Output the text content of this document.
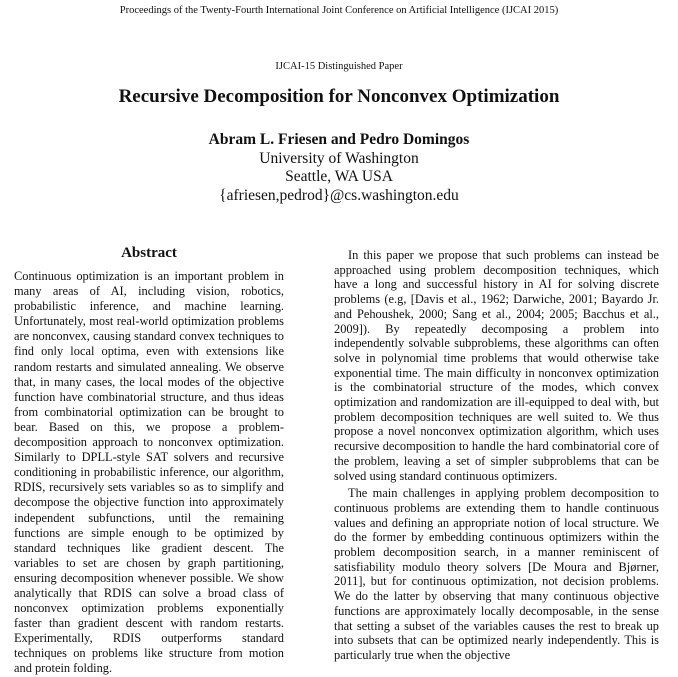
Proceedings of the Twenty-Fourth International Joint Conference on Artificial Intelligence (IJCAI 2015)
IJCAI-15 Distinguished Paper
Recursive Decomposition for Nonconvex Optimization
Abram L. Friesen and Pedro Domingos
University of Washington
Seattle, WA USA
{afriesen,pedrod}@cs.washington.edu
Abstract

Continuous optimization is an important problem in many areas of AI, including vision, robotics, probabilistic inference, and machine learning. Unfortunately, most real-world optimization problems are nonconvex, causing standard convex techniques to find only local optima, even with extensions like random restarts and simulated annealing. We observe that, in many cases, the local modes of the objective function have combinatorial structure, and thus ideas from combinatorial optimization can be brought to bear. Based on this, we propose a problem-decomposition approach to nonconvex optimization. Similarly to DPLL-style SAT solvers and recursive conditioning in probabilistic inference, our algorithm, RDIS, recursively sets variables so as to simplify and decompose the objective function into approximately independent subfunctions, until the remaining functions are simple enough to be optimized by standard techniques like gradient descent. The variables to set are chosen by graph partitioning, ensuring decomposition whenever possible. We show analytically that RDIS can solve a broad class of nonconvex optimization problems exponentially faster than gradient descent with random restarts. Experimentally, RDIS outperforms standard techniques on problems like structure from motion and protein folding.

In this paper we propose that such problems can instead be approached using problem decomposition techniques, which have a long and successful history in AI for solving discrete problems (e.g, [Davis et al., 1962; Darwiche, 2001; Bayardo Jr. and Pehoushek, 2000; Sang et al., 2004; 2005; Bacchus et al., 2009]). By repeatedly decomposing a problem into independently solvable subproblems, these algorithms can often solve in polynomial time problems that would otherwise take exponential time. The main difficulty in nonconvex optimization is the combinatorial structure of the modes, which convex optimization and randomization are ill-equipped to deal with, but problem decomposition techniques are well suited to. We thus propose a novel nonconvex optimization algorithm, which uses recursive decomposition to handle the hard combinatorial core of the problem, leaving a set of simpler subproblems that can be solved using standard continuous optimizers.

The main challenges in applying problem decomposition to continuous problems are extending them to handle continuous values and defining an appropriate notion of local structure. We do the former by embedding continuous optimizers within the problem decomposition search, in a manner reminiscent of satisfiability modulo theory solvers [De Moura and Bjørner, 2011], but for continuous optimization, not decision problems. We do the latter by observing that many continuous objective functions are approximately locally decomposable, in the sense that setting a subset of the variables causes the rest to break up into subsets that can be optimized nearly independently. This is particularly true when the objective
